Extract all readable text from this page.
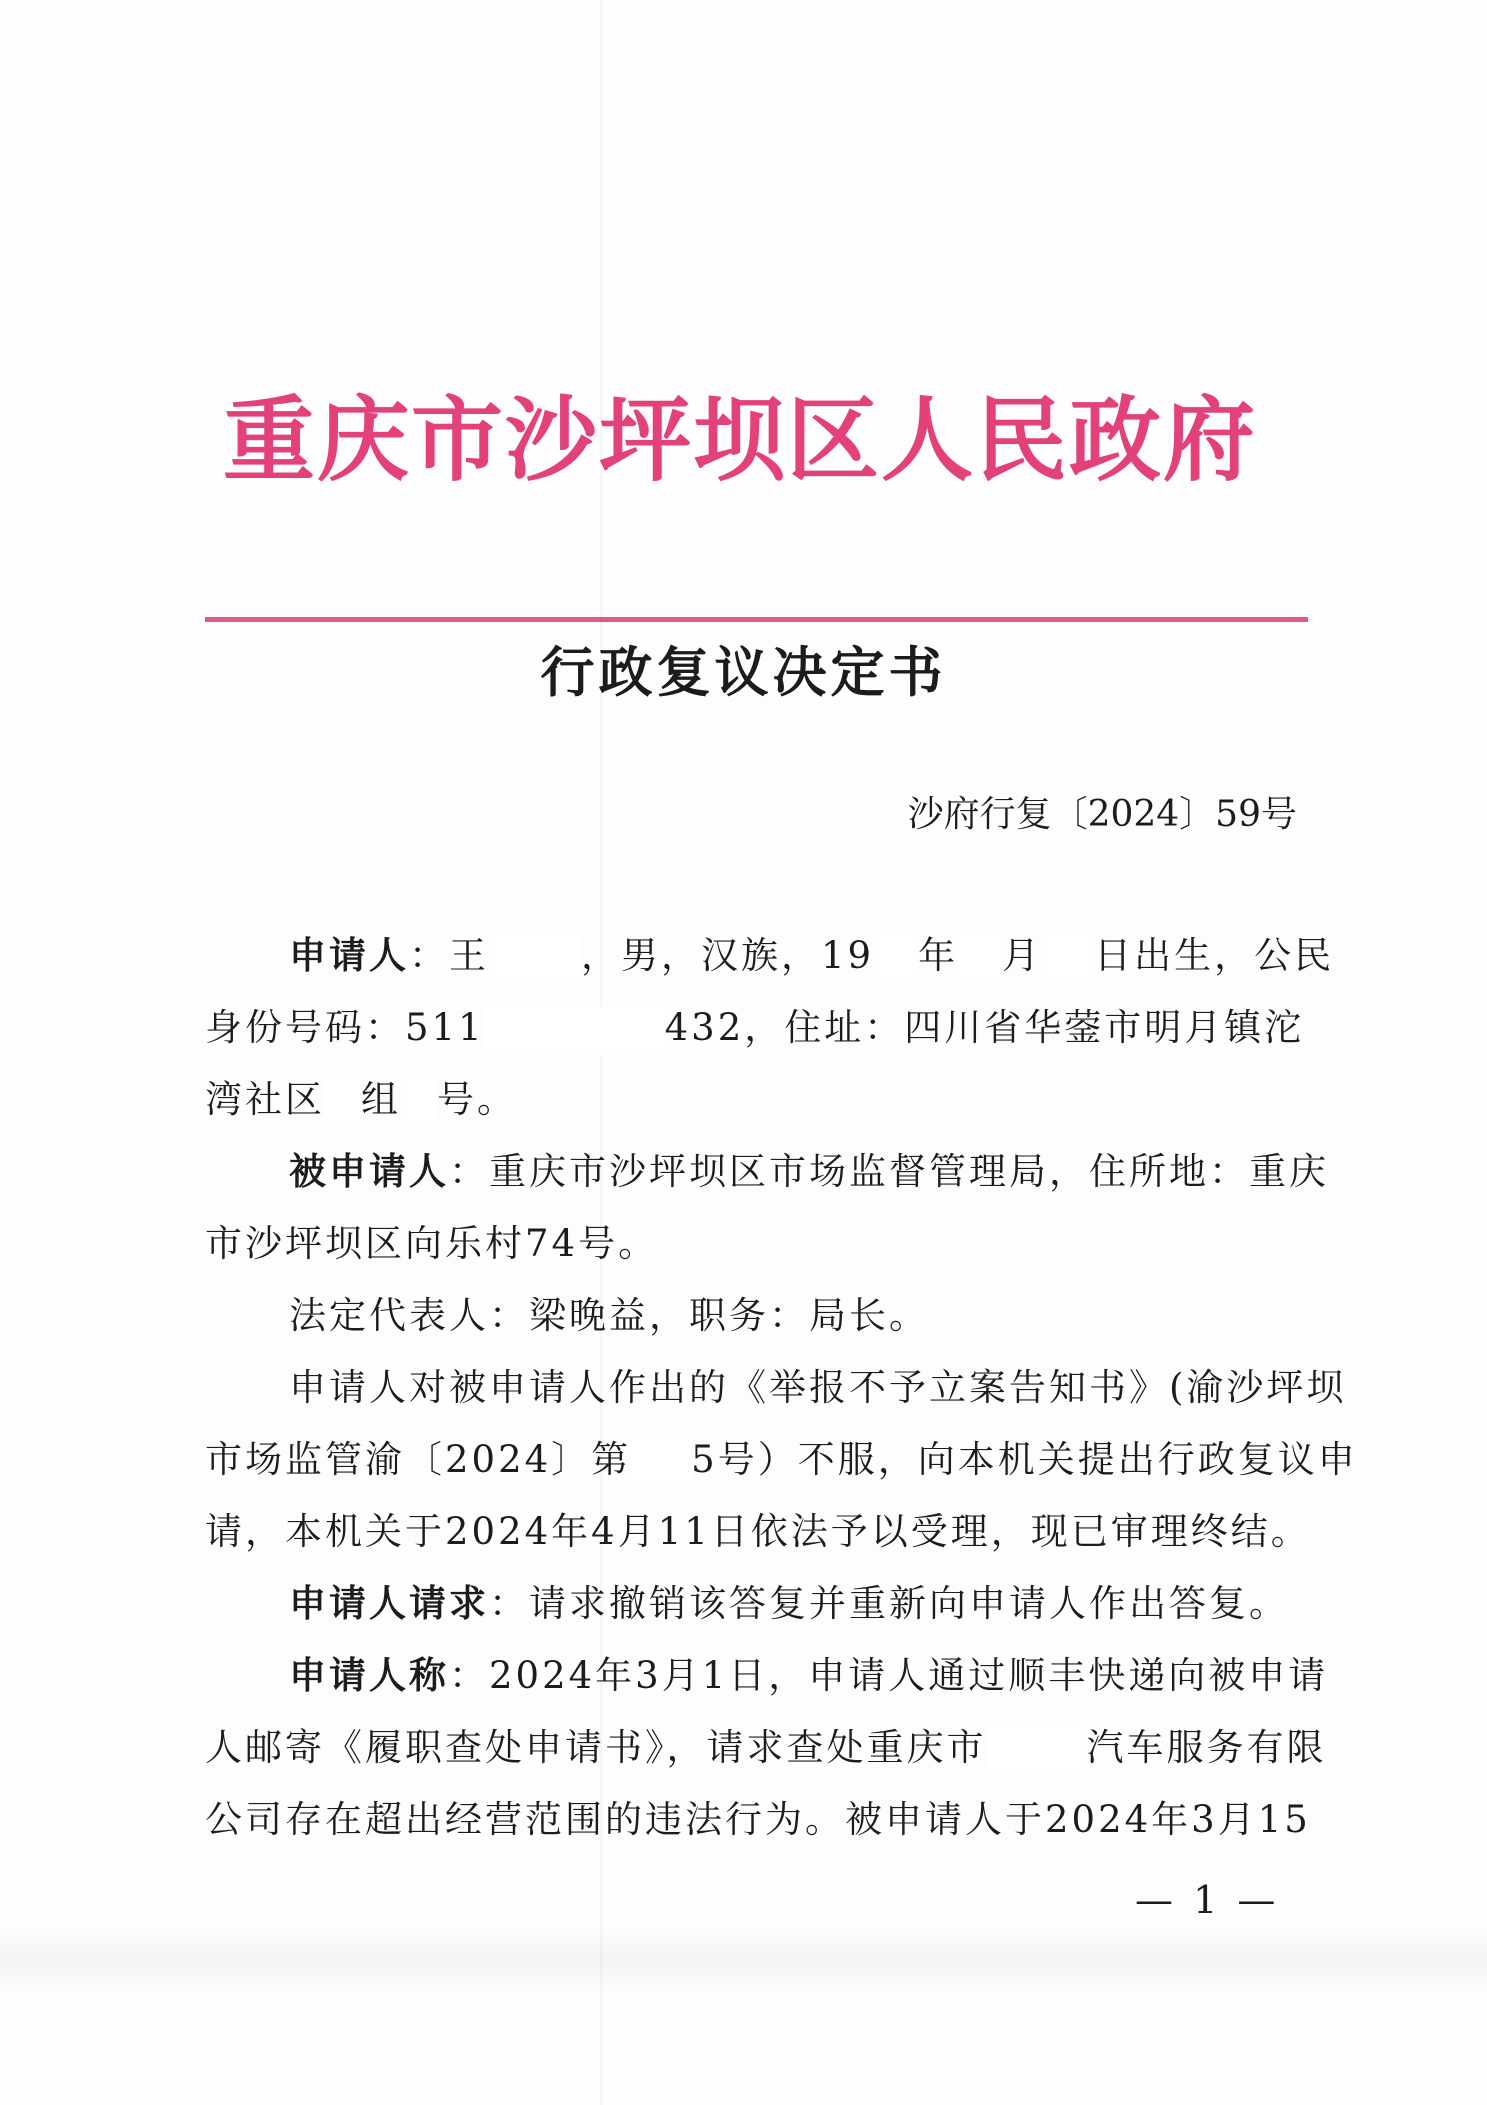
重庆市沙坪坝区人民政府
行政复议决定书
沙府行复〔2024〕59号
申请人：王 ，男，汉族，19 年 月 日出生，公民
身份号码：511	432，住址：四川省华蓥市明月镇沱
湾社区 组 号。
被申请人：重庆市沙坪坝区市场监督管理局，住所地：重庆
市沙坪坝区向乐村74号。
法定代表人：梁晚益，职务：局长。
申请人对被申请人作出的《举报不予立案告知书》(渝沙坪坝
市场监管渝〔2024〕第 5号）不服，向本机关提出行政复议申
请，本机关于2024年4月11日依法予以受理，现已审理终结。
申请人请求：请求撤销该答复并重新向申请人作出答复。
申请人称：2024年3月1日，申请人通过顺丰快递向被申请
人邮寄《履职查处申请书》，请求查处重庆市	汽车服务有限
公司存在超出经营范围的违法行为。被申请人于2024年3月15
— 1 —
